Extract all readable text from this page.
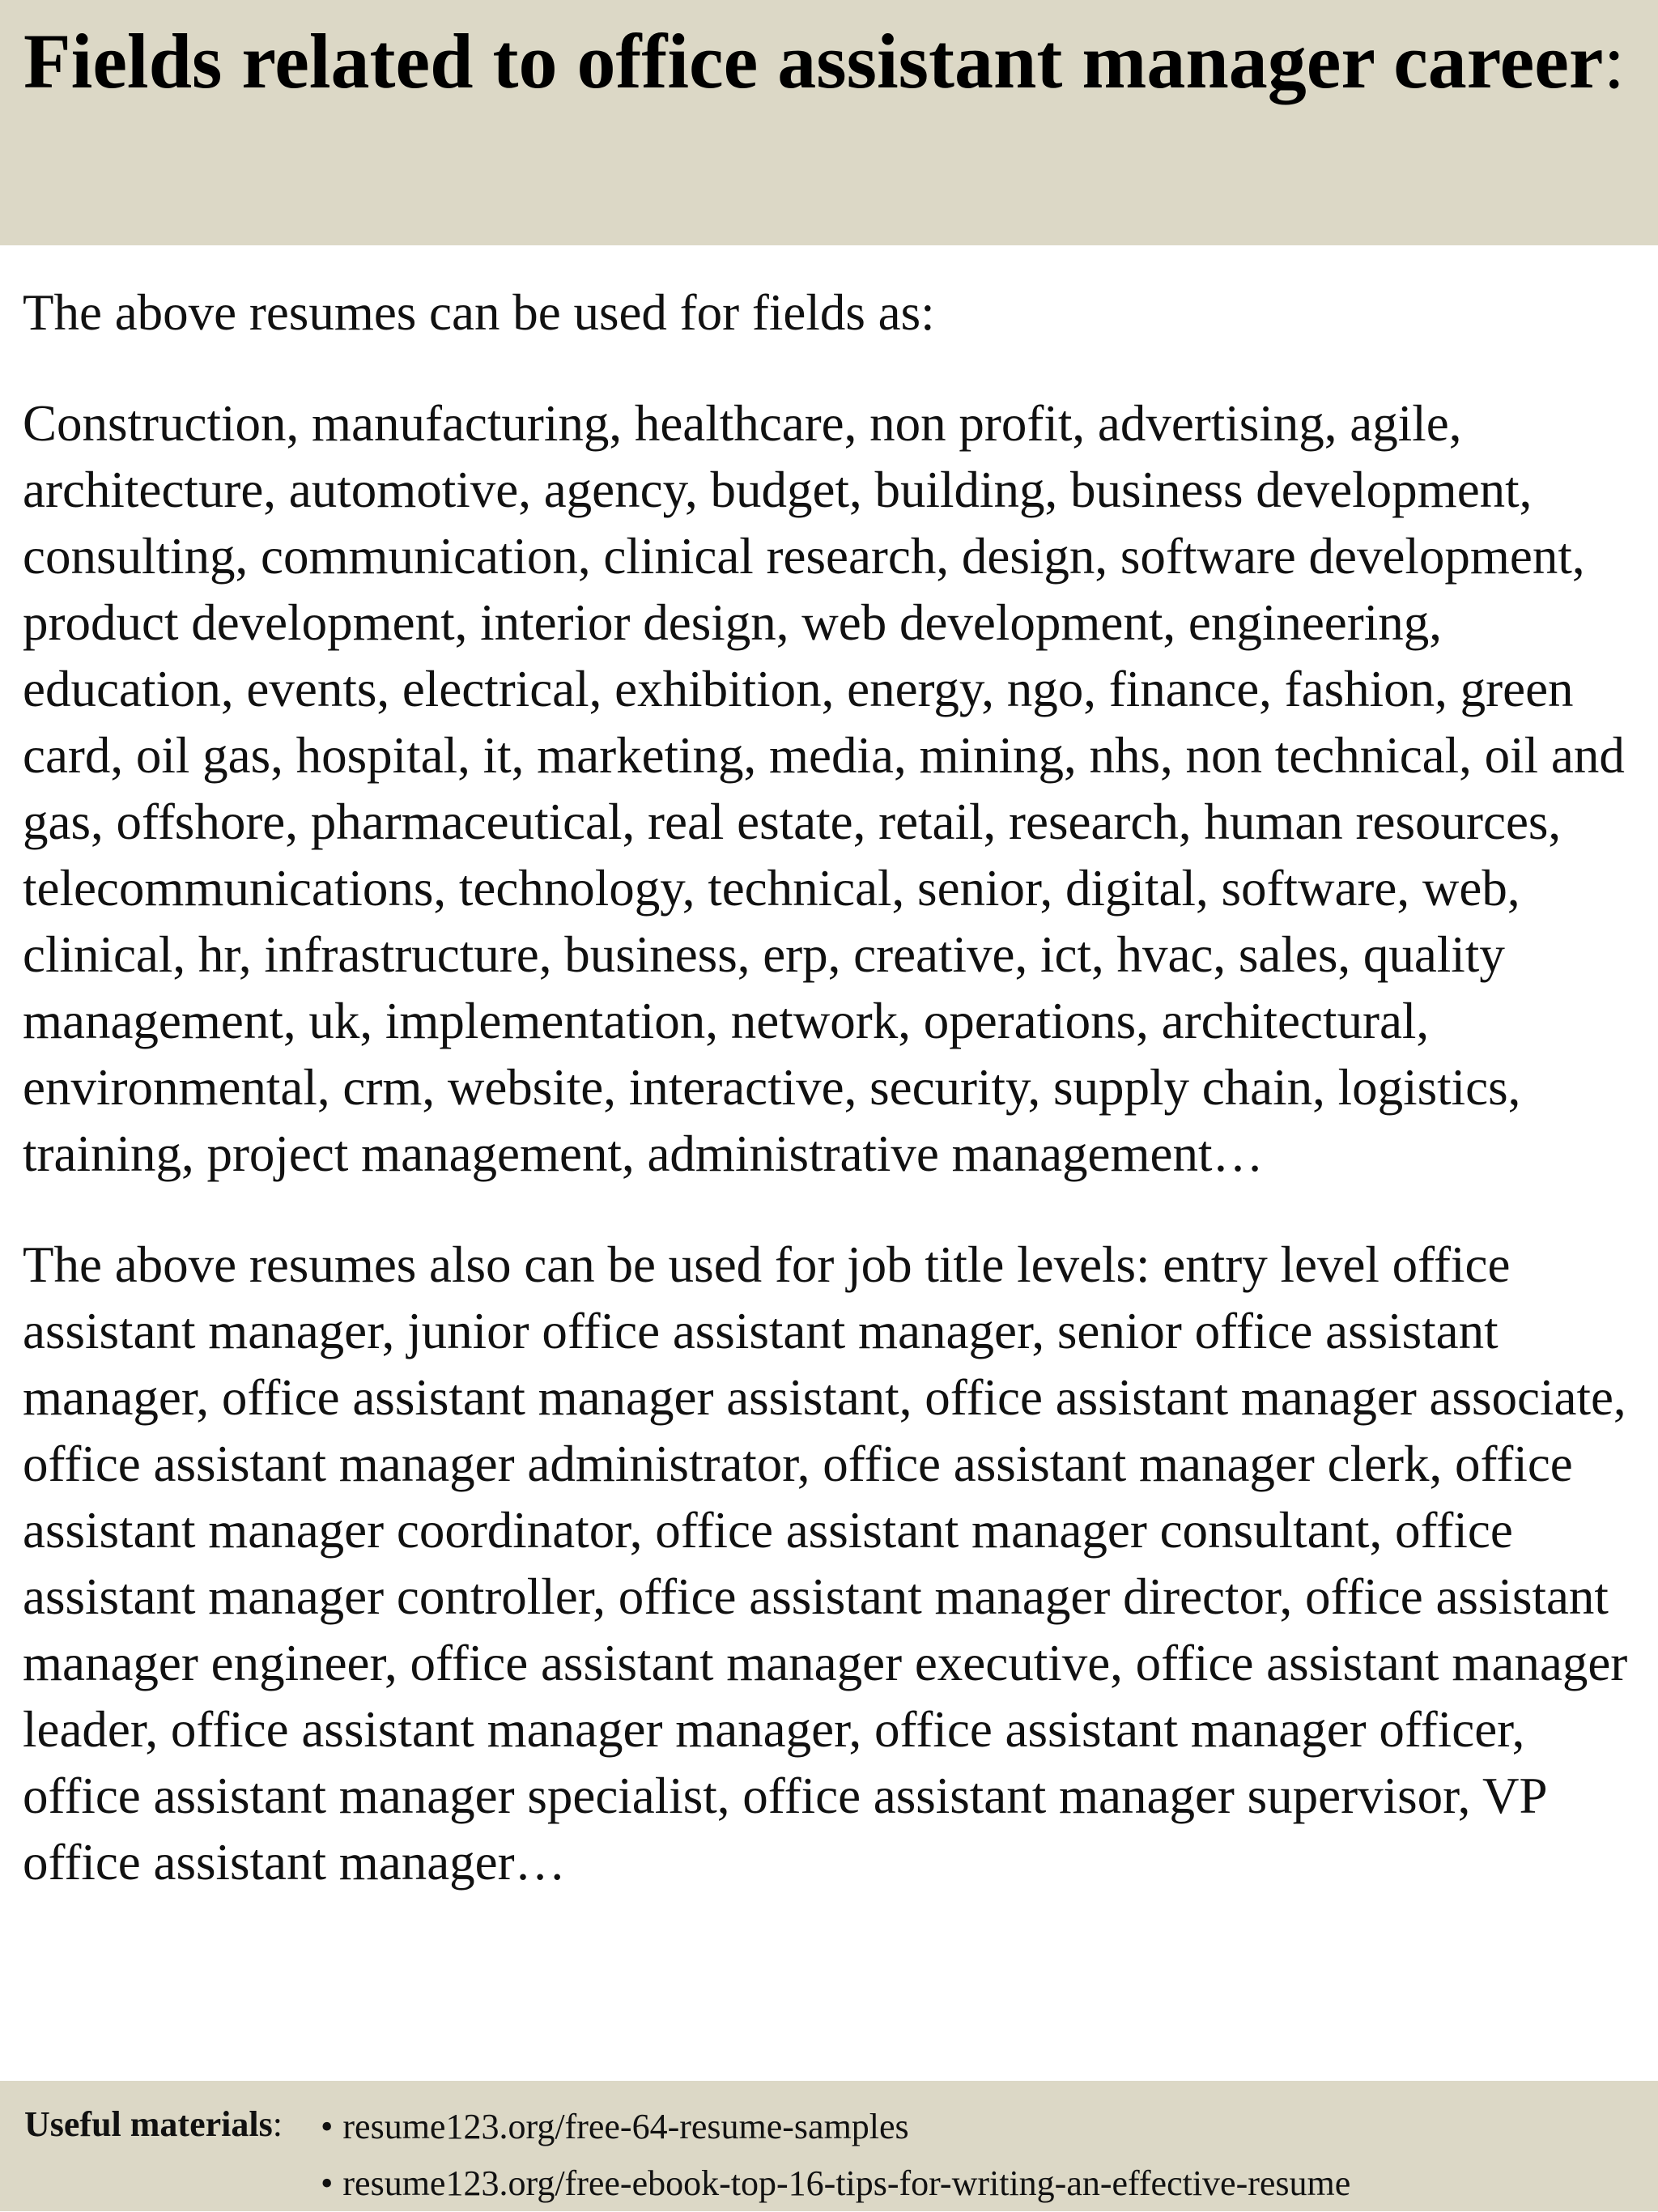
Fields related to office assistant manager career:

The above resumes can be used for fields as:

Construction, manufacturing, healthcare, non profit, advertising, agile, architecture, automotive, agency, budget, building, business development, consulting, communication, clinical research, design, software development, product development, interior design, web development, engineering, education, events, electrical, exhibition, energy, ngo, finance, fashion, green card, oil gas, hospital, it, marketing, media, mining, nhs, non technical, oil and gas, offshore, pharmaceutical, real estate, retail, research, human resources, telecommunications, technology, technical, senior, digital, software, web, clinical, hr, infrastructure, business, erp, creative, ict, hvac, sales, quality management, uk, implementation, network, operations, architectural, environmental, crm, website, interactive, security, supply chain, logistics, training, project management, administrative management…

The above resumes also can be used for job title levels: entry level office assistant manager, junior office assistant manager, senior office assistant manager, office assistant manager assistant, office assistant manager associate, office assistant manager administrator, office assistant manager clerk, office assistant manager coordinator, office assistant manager consultant, office assistant manager controller, office assistant manager director, office assistant manager engineer, office assistant manager executive, office assistant manager leader, office assistant manager manager, office assistant manager officer, office assistant manager specialist, office assistant manager supervisor, VP office assistant manager…

Useful materials: • resume123.org/free-64-resume-samples
• resume123.org/free-ebook-top-16-tips-for-writing-an-effective-resume
